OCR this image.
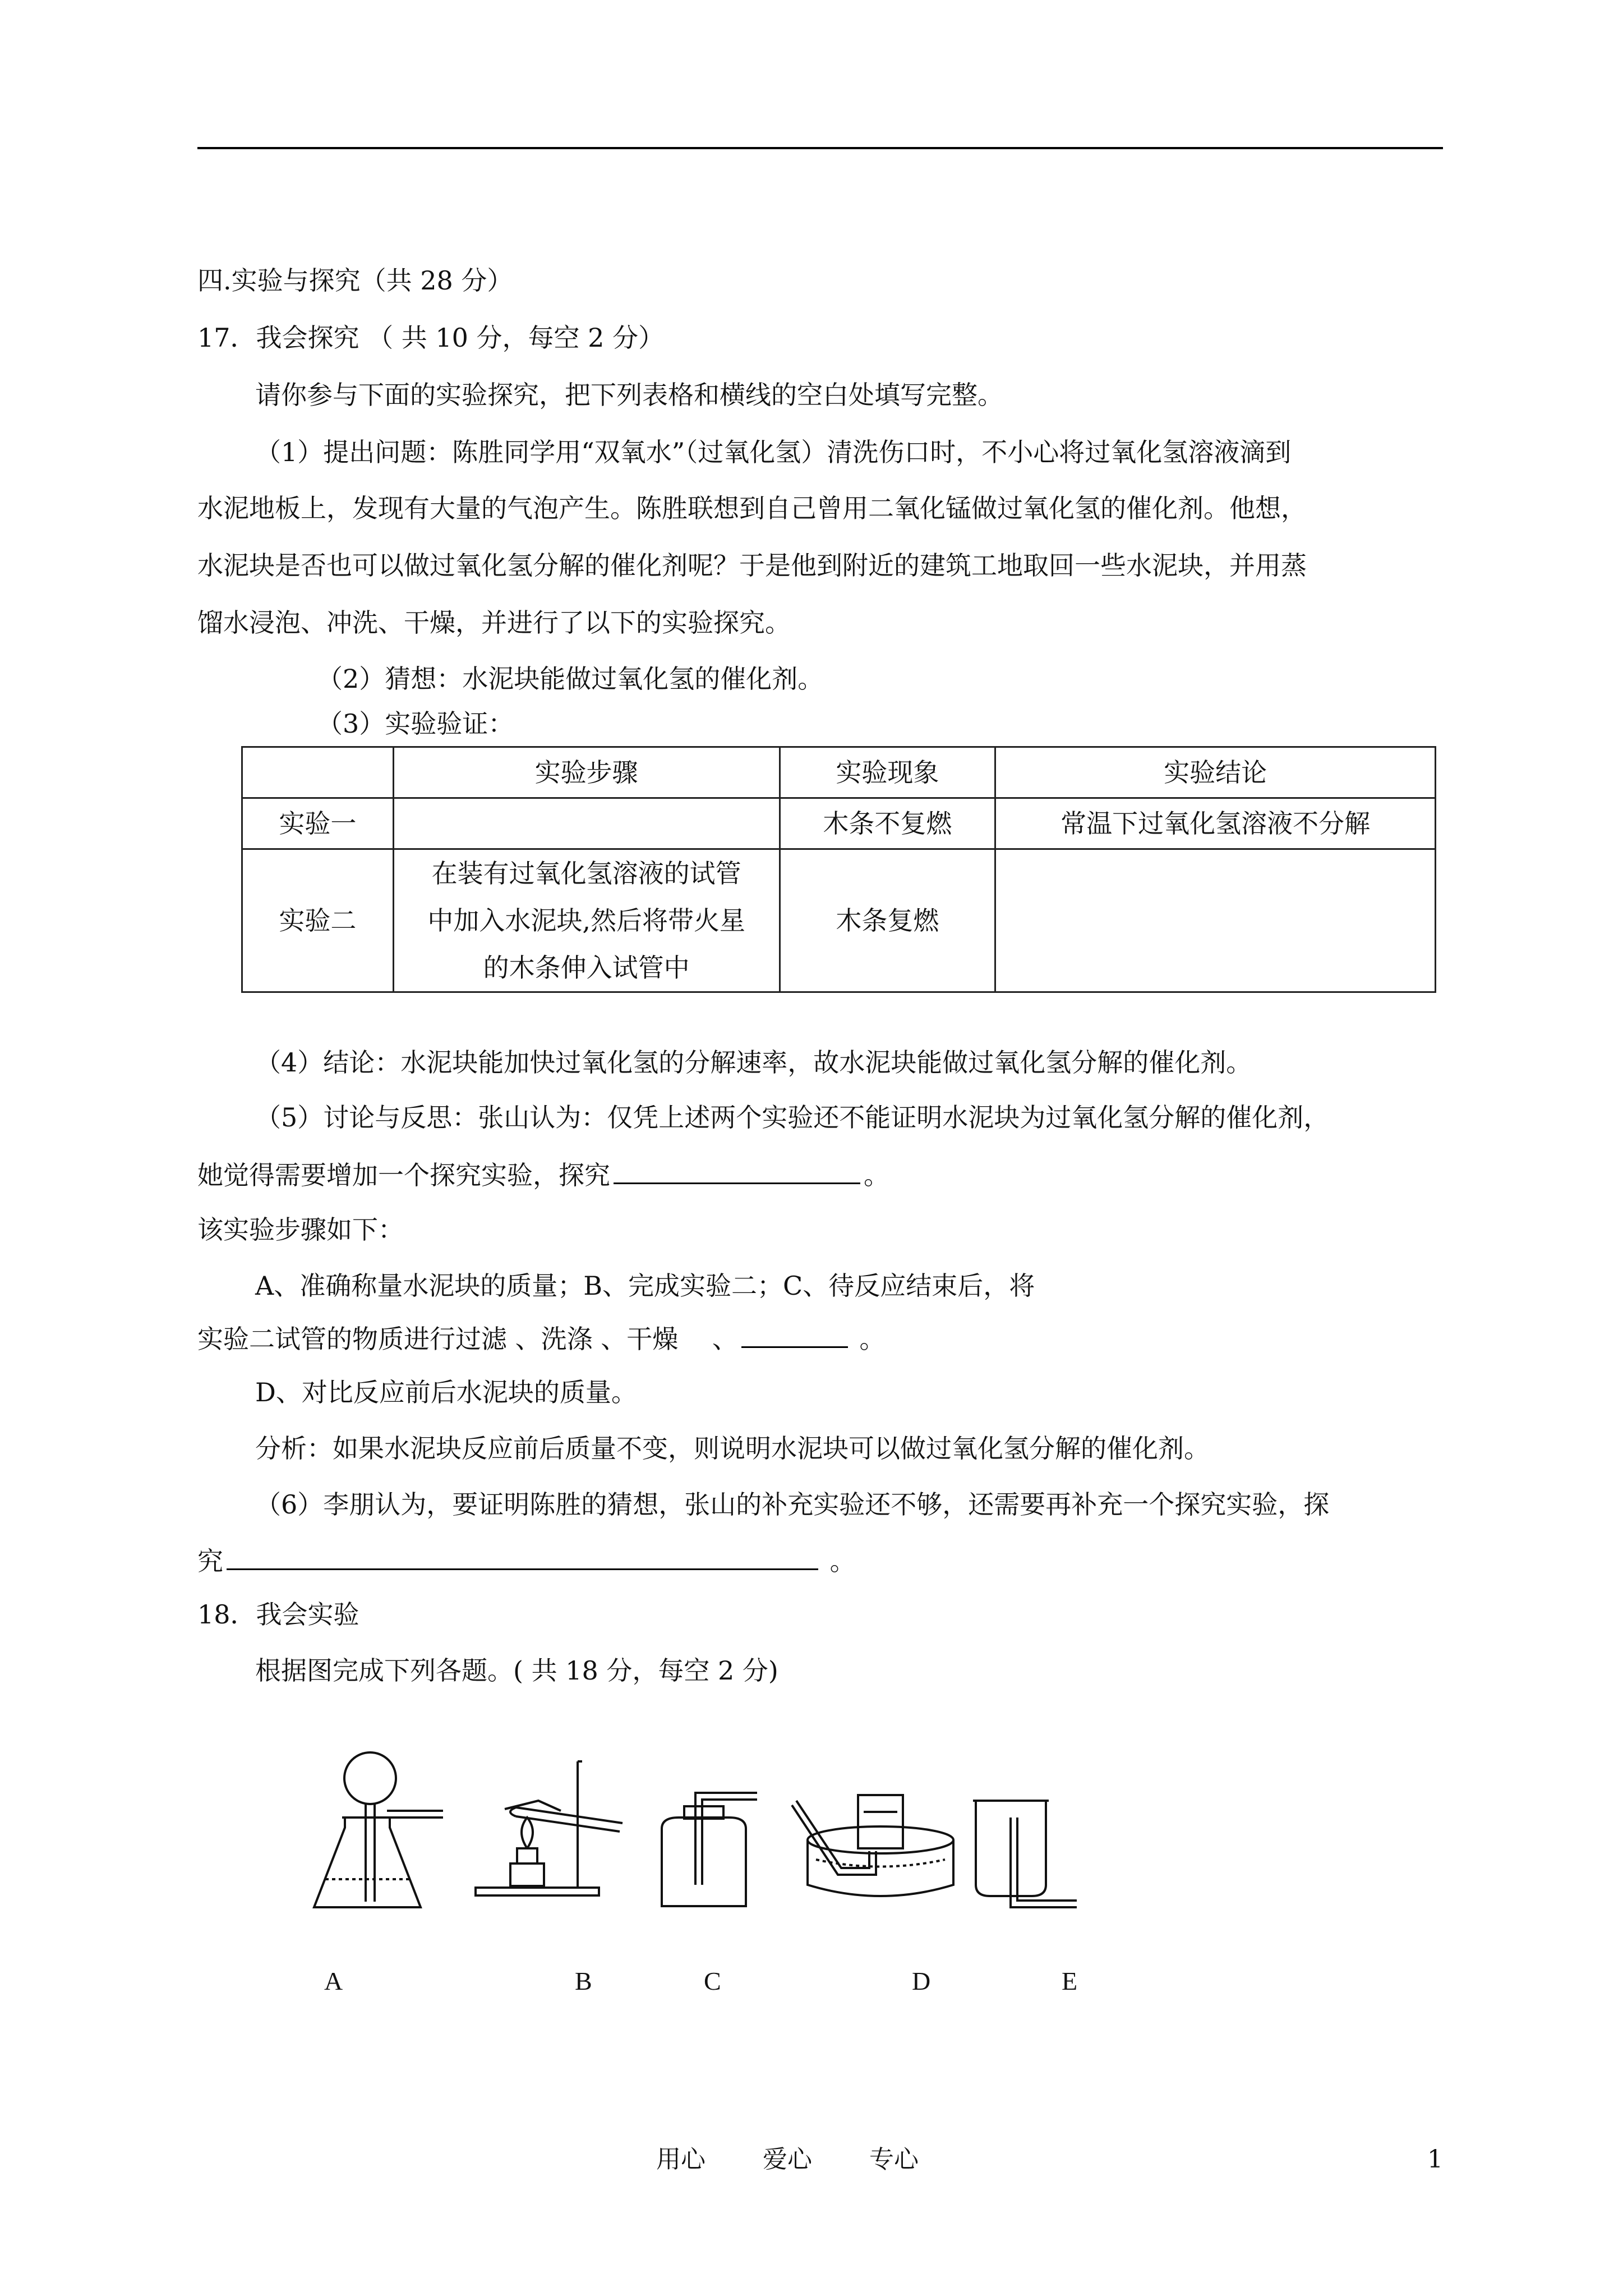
四.实验与探究（共 28 分）
17．我会探究 （ 共 10 分，每空 2 分）
请你参与下面的实验探究，把下列表格和横线的空白处填写完整。
（1）提出问题：陈胜同学用“双氧水”（过氧化氢）清洗伤口时，不小心将过氧化氢溶液滴到
水泥地板上，发现有大量的气泡产生。陈胜联想到自己曾用二氧化锰做过氧化氢的催化剂。他想，
水泥块是否也可以做过氧化氢分解的催化剂呢？于是他到附近的建筑工地取回一些水泥块，并用蒸
馏水浸泡、冲洗、干燥，并进行了以下的实验探究。
（2）猜想：水泥块能做过氧化氢的催化剂。
（3）实验验证：
	实验步骤	实验现象	实验结论
实验一		木条不复燃	常温下过氧化氢溶液不分解
实验二	在装有过氧化氢溶液的试管
中加入水泥块,然后将带火星
的木条伸入试管中	木条复燃	
（4）结论：水泥块能加快过氧化氢的分解速率，故水泥块能做过氧化氢分解的催化剂。
（5）讨论与反思：张山认为：仅凭上述两个实验还不能证明水泥块为过氧化氢分解的催化剂，
她觉得需要增加一个探究实验，探究	。
该实验步骤如下：
A、准确称量水泥块的质量；B、完成实验二；C、待反应结束后，将
实验二试管的物质进行过滤 、洗涤 、干燥 　、	。
D、对比反应前后水泥块的质量。
分析：如果水泥块反应前后质量不变，则说明水泥块可以做过氧化氢分解的催化剂。
（6）李朋认为，要证明陈胜的猜想，张山的补充实验还不够，还需要再补充一个探究实验，探
究	。
18．我会实验
根据图完成下列各题。( 共 18 分，每空 2 分)
A	B	C	D	E
用心　　 爱心　　 专心	1
